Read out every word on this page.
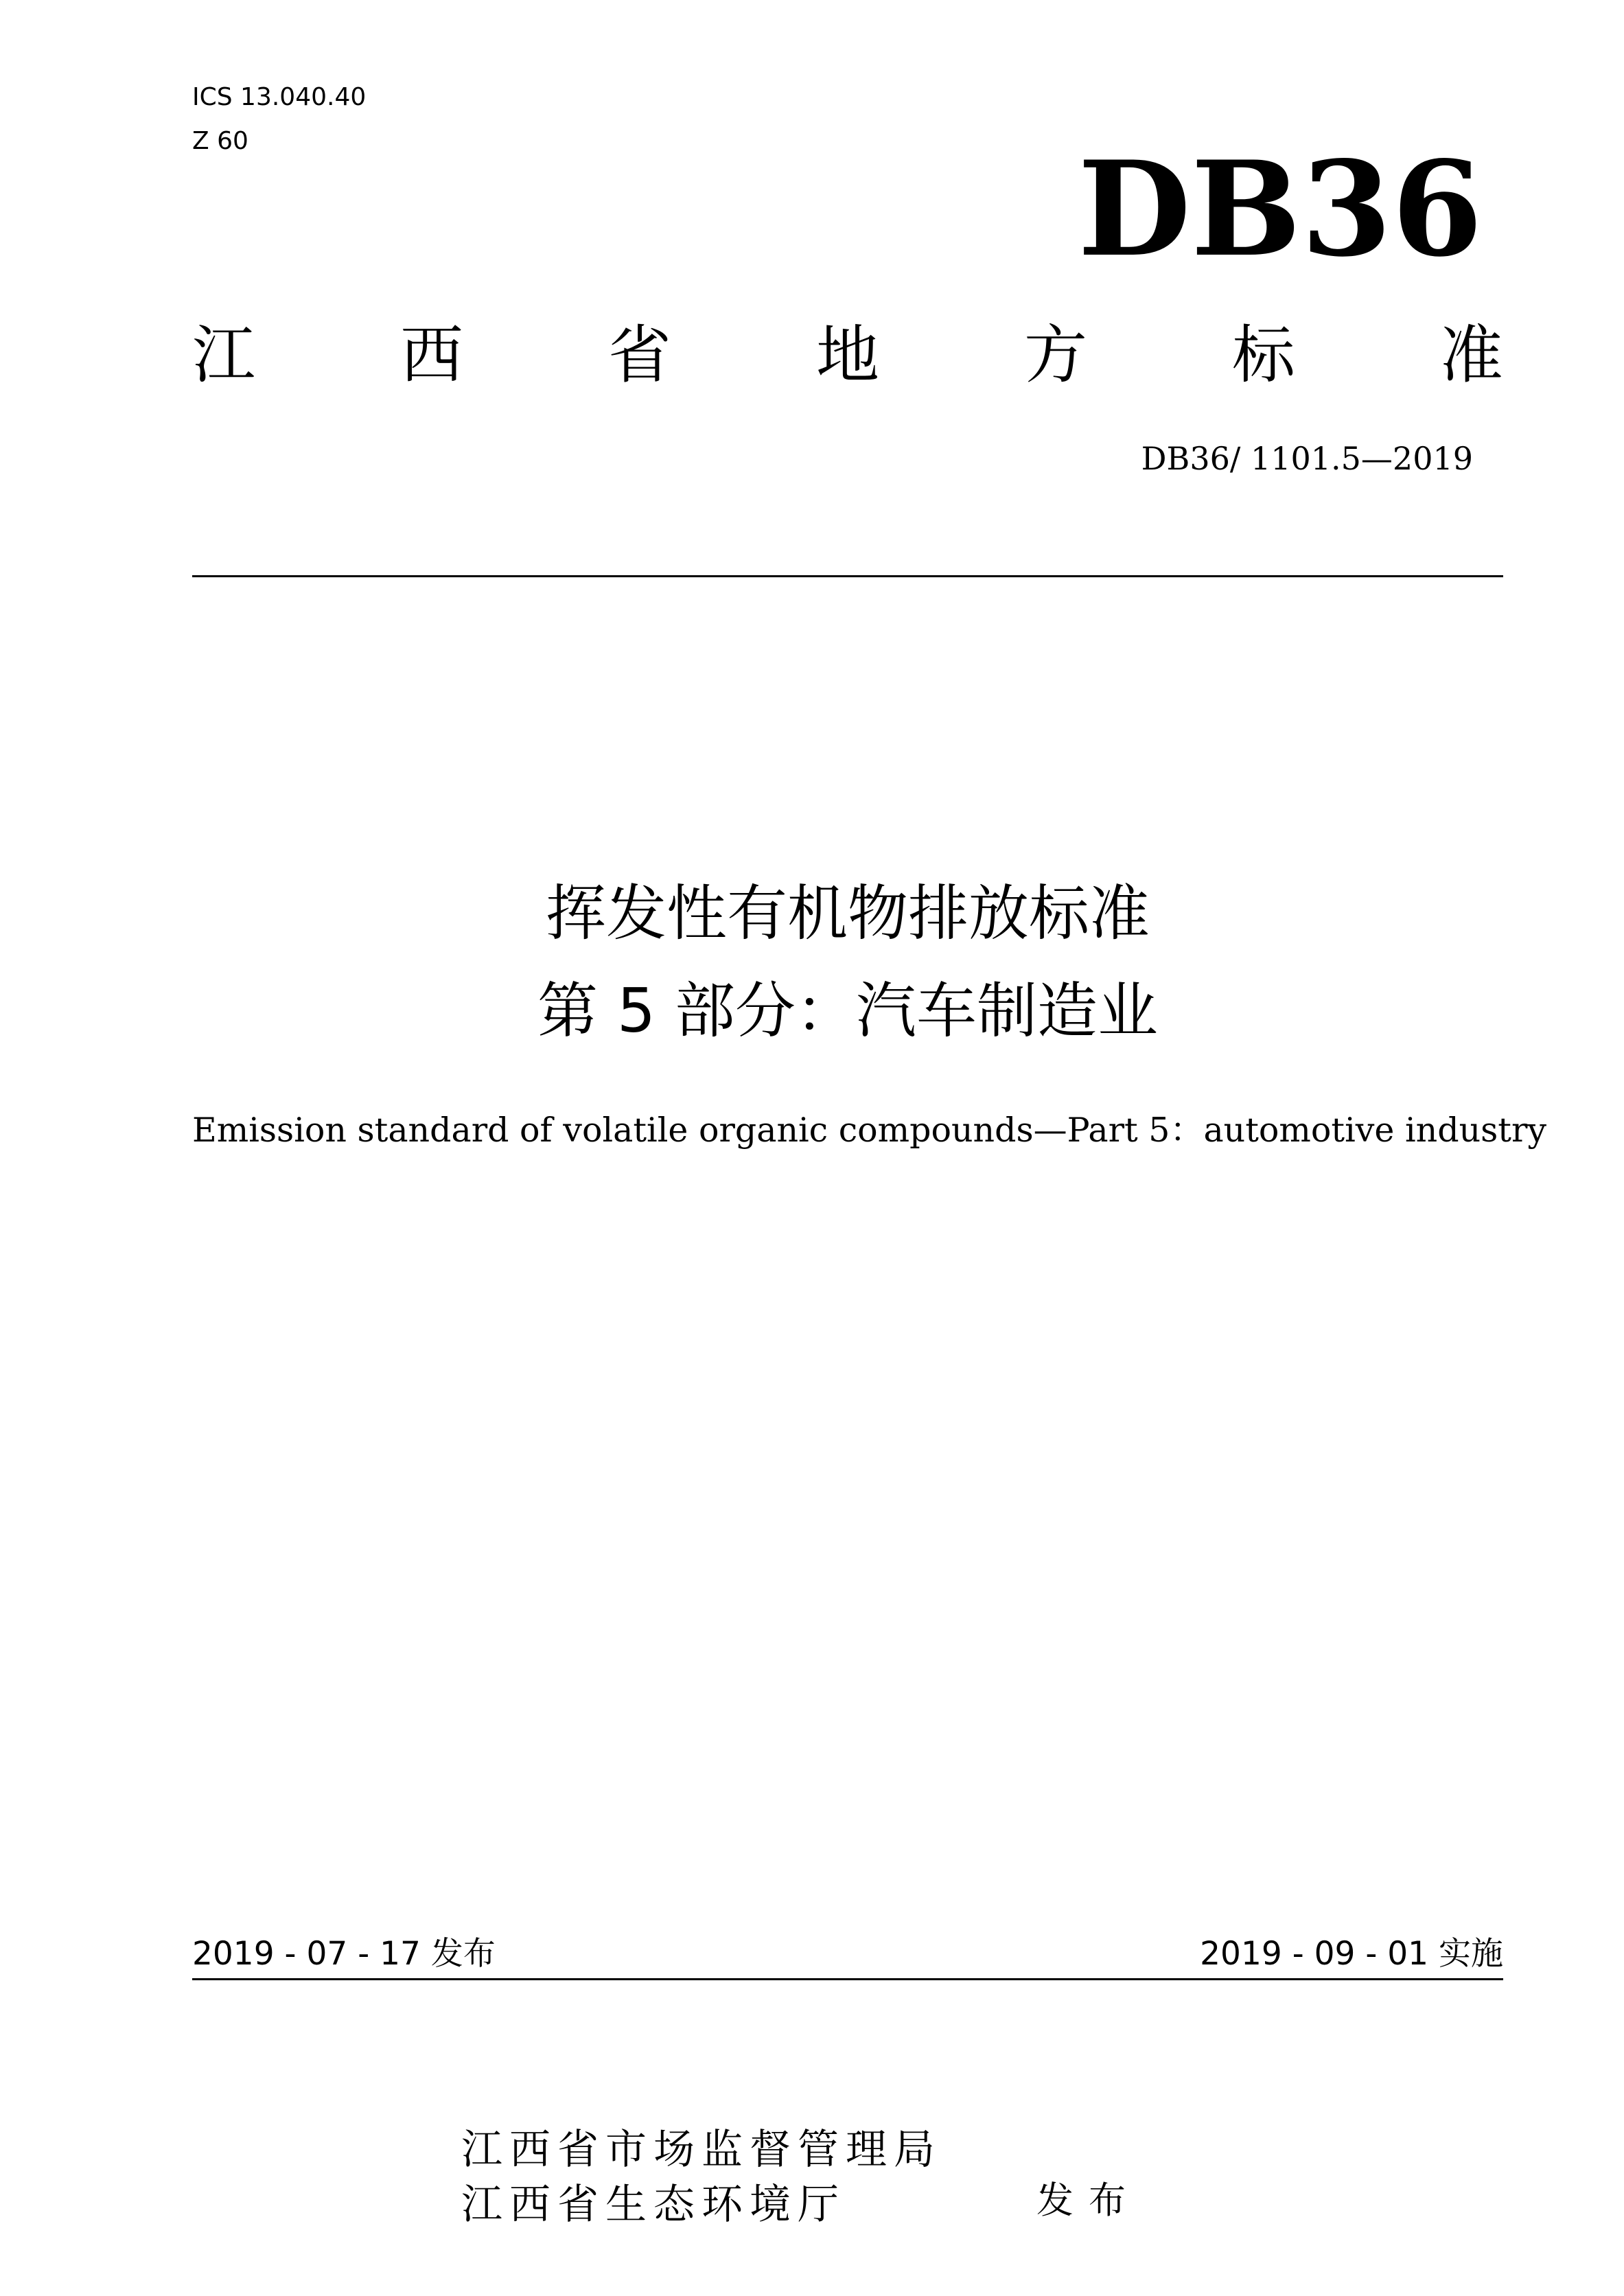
ICS 13.040.40
Z 60	DB36
江 西 省 地 方 标 准
DB36/ 1101.5—2019
挥发性有机物排放标准
第 5 部分：汽车制造业
Emission standard of volatile organic compounds—Part 5：automotive industry
2019 - 07 - 17 发布	2019 - 09 - 01 实施
江西省市场监督管理局
江西省生态环境厅	发布
